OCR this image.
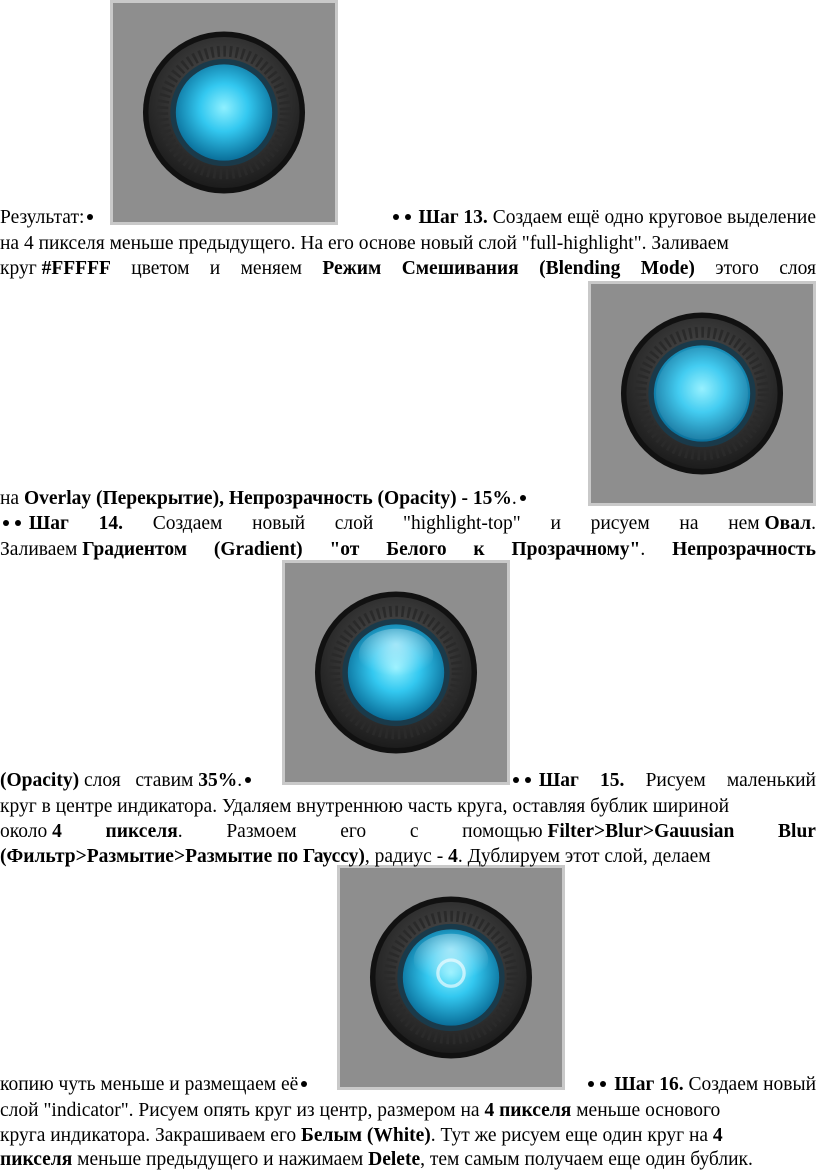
Результат:	Шаг 13. Создаем ещё одно круговое выделение
на 4 пикселя меньше предыдущего. На его основе новый слой "full-highlight". Заливаем
круг #FFFFF цветом и меняем Режим Смешивания (Blending Mode) этого слоя
на Overlay (Перекрытие), Непрозрачность (Opacity) - 15%.
Шаг 14. Создаем новый слой "highlight-top" и рисуем на нем Овал.
Заливаем Градиентом (Gradient) "от Белого к Прозрачному". Непрозрачность
(Opacity) слоя ставим 35%.	Шаг 15. Рисуем маленький
круг в центре индикатора. Удаляем внутреннюю часть круга, оставляя бублик шириной
около 4 пикселя. Размоем его с помощью Filter>Blur>Gauusian Blur
(Фильтр>Размытие>Размытие по Гауссу), радиус - 4. Дублируем этот слой, делаем
копию чуть меньше и размещаем её	Шаг 16. Создаем новый
слой "indicator". Рисуем опять круг из центр, размером на 4 пикселя меньше основого
круга индикатора. Закрашиваем его Белым (White). Тут же рисуем еще один круг на 4
пикселя меньше предыдущего и нажимаем Delete, тем самым получаем еще один бублик.
